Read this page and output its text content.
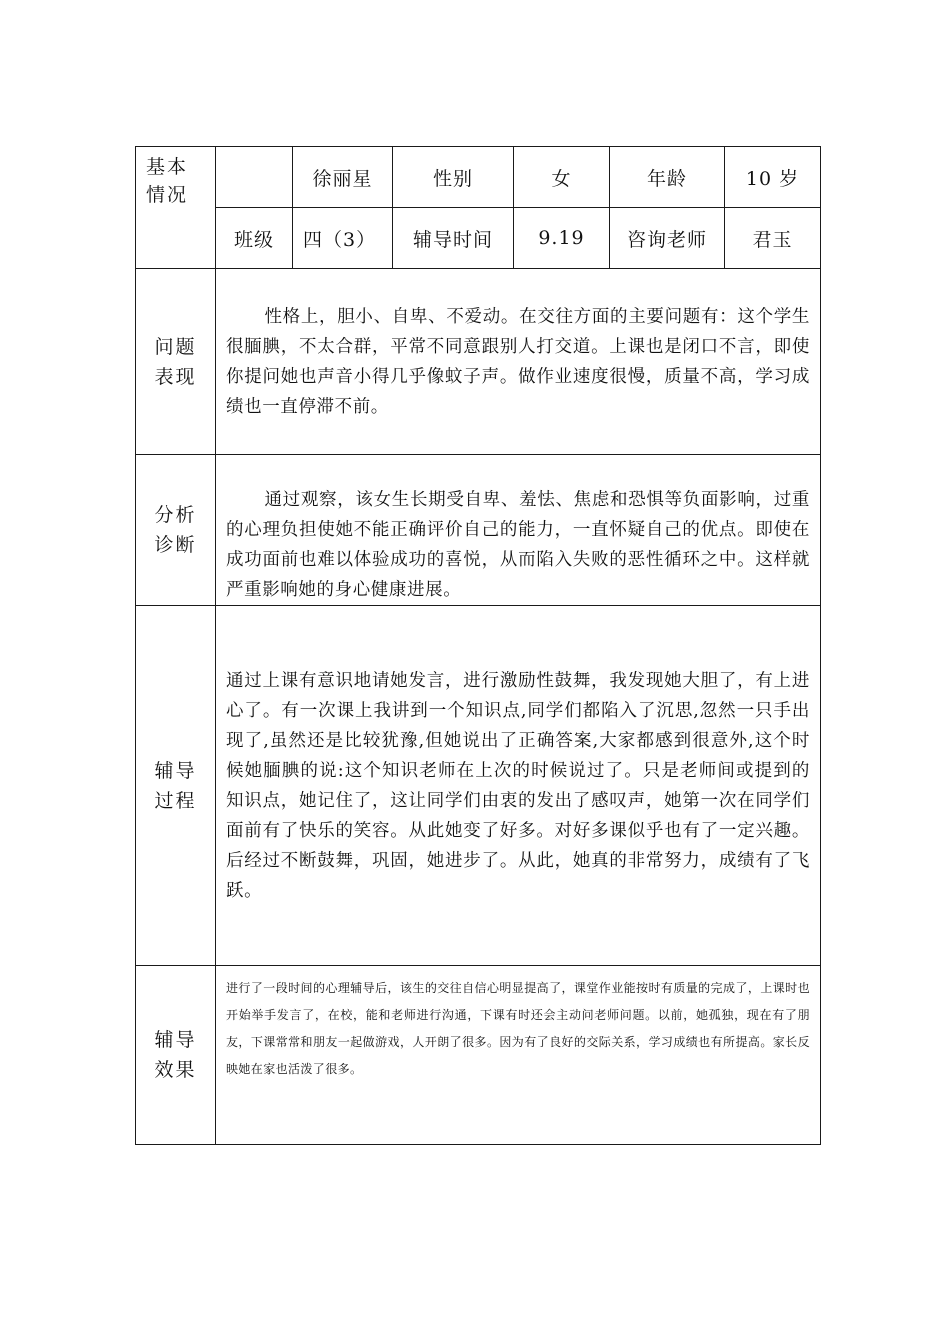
基本
情况		徐丽星	性别	女	年龄	10 岁
	班级	四（3）	辅导时间	9.19	咨询老师	君玉

问题
表现	性格上，胆小、自卑、不爱动。在交往方面的主要问题有：这个学生很腼腆，不太合群，平常不同意跟别人打交道。上课也是闭口不言，即使你提问她也声音小得几乎像蚊子声。做作业速度很慢，质量不高，学习成绩也一直停滞不前。					

分析
诊断	通过观察，该女生长期受自卑、羞怯、焦虑和恐惧等负面影响，过重的心理负担使她不能正确评价自己的能力，一直怀疑自己的优点。即使在成功面前也难以体验成功的喜悦，从而陷入失败的恶性循环之中。这样就严重影响她的身心健康进展。					

辅导
过程	通过上课有意识地请她发言，进行激励性鼓舞，我发现她大胆了，有上进心了。有一次课上我讲到一个知识点,同学们都陷入了沉思,忽然一只手出现了,虽然还是比较犹豫,但她说出了正确答案,大家都感到很意外,这个时候她腼腆的说:这个知识老师在上次的时候说过了。只是老师间或提到的知识点，她记住了，这让同学们由衷的发出了感叹声，她第一次在同学们面前有了快乐的笑容。从此她变了好多。对好多课似乎也有了一定兴趣。后经过不断鼓舞，巩固，她进步了。从此，她真的非常努力，成绩有了飞跃。					

辅导
效果	进行了一段时间的心理辅导后，该生的交往自信心明显提高了，课堂作业能按时有质量的完成了，上课时也开始举手发言了，在校，能和老师进行沟通，下课有时还会主动问老师问题。以前，她孤独，现在有了朋友，下课常常和朋友一起做游戏，人开朗了很多。因为有了良好的交际关系，学习成绩也有所提高。家长反映她在家也活泼了很多。					
